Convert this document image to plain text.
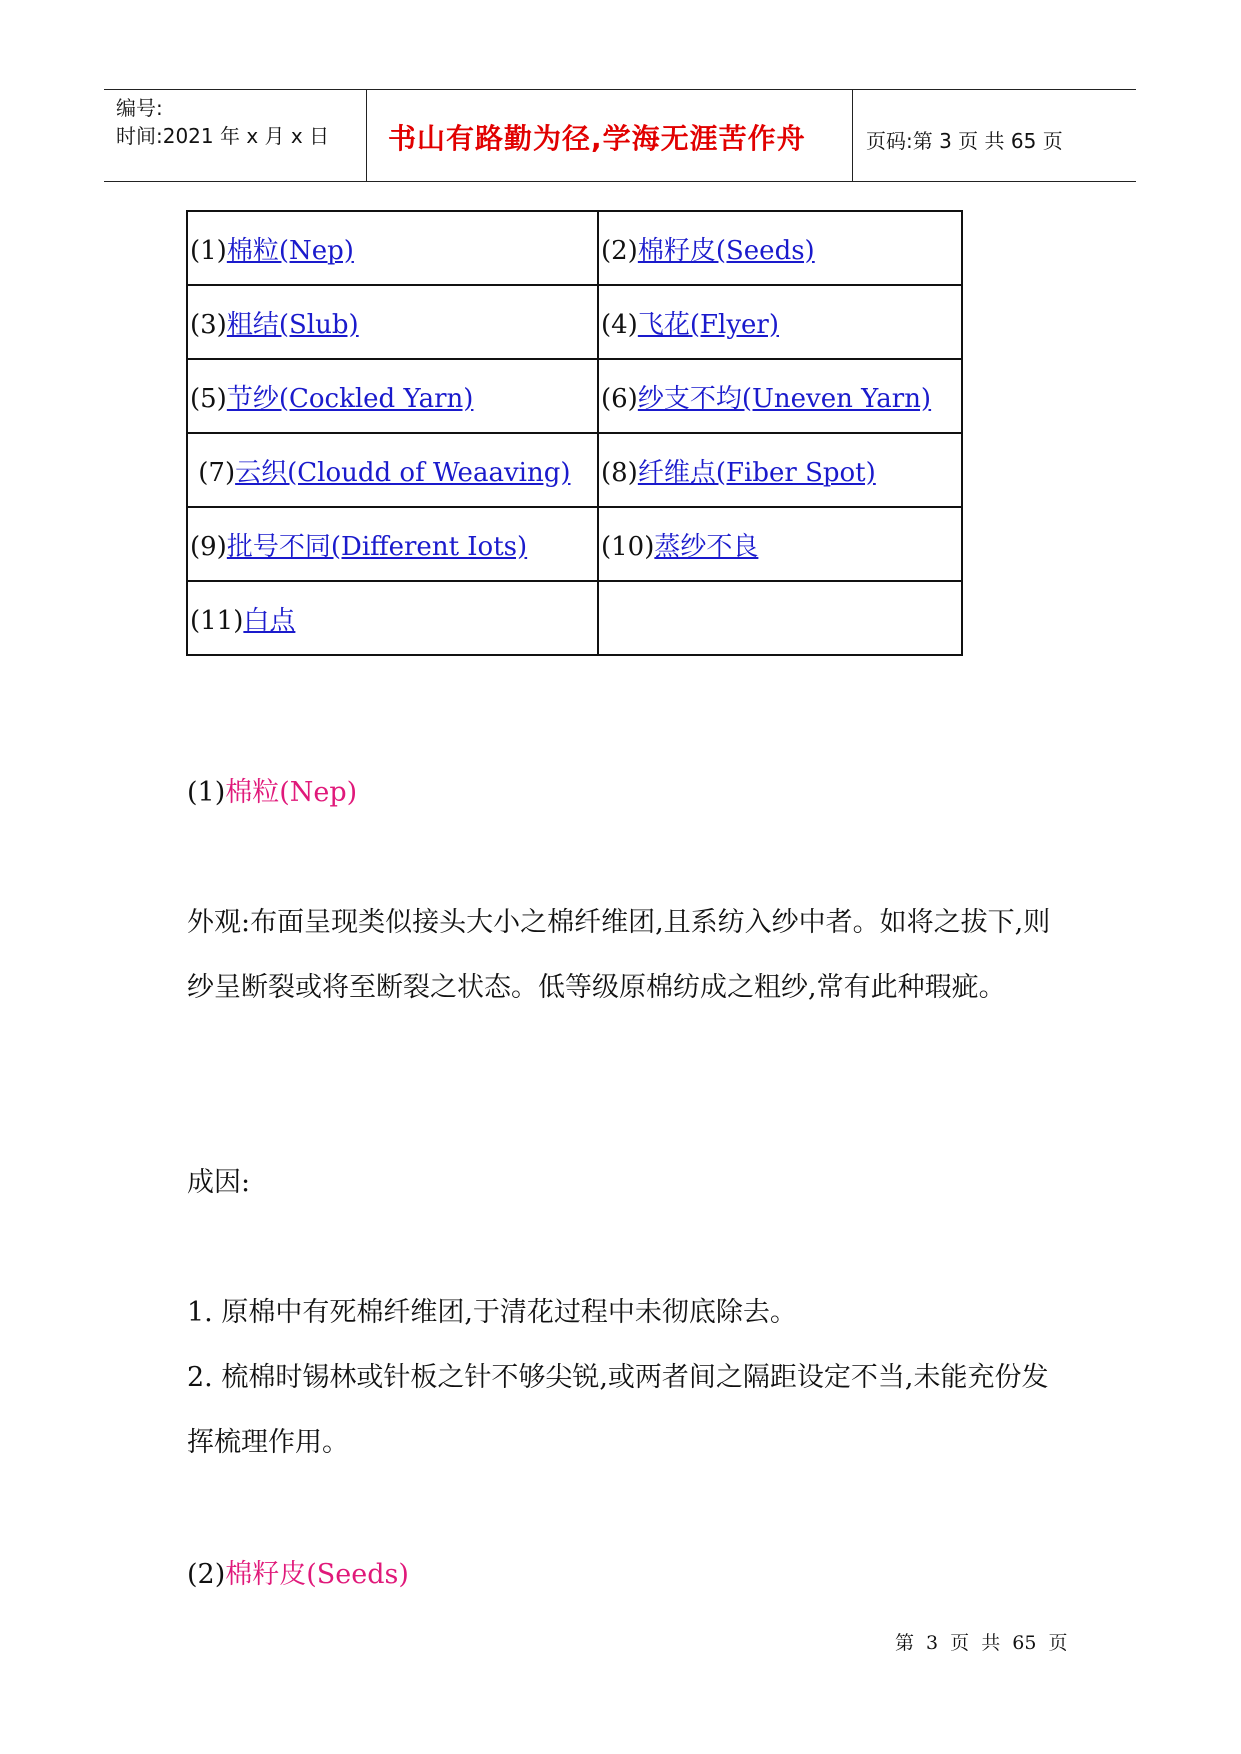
编号:
时间:2021 年 x 月 x 日 书山有路勤为径,学海无涯苦作舟	页码:第 3 页 共 65 页
(1)棉粒(Nep)	(2)棉籽皮(Seeds)
(3)粗结(Slub)	(4)飞花(Flyer)
(5)节纱(Cockled Yarn)	(6)纱支不均(Uneven Yarn)
(7)云织(Cloudd of Weaaving)	(8)纤维点(Fiber Spot)
(9)批号不同(Different Iots)	(10)蒸纱不良
(11)白点	
(1)棉粒(Nep)
外观:布面呈现类似接头大小之棉纤维团,且系纺入纱中者。如将之拔下,则纱呈断裂或将至断裂之状态。低等级原棉纺成之粗纱,常有此种瑕疵。
成因:
1. 原棉中有死棉纤维团,于清花过程中未彻底除去。
2. 梳棉时锡林或针板之针不够尖锐,或两者间之隔距设定不当,未能充份发挥梳理作用。
(2)棉籽皮(Seeds)
第 3 页 共 65 页
